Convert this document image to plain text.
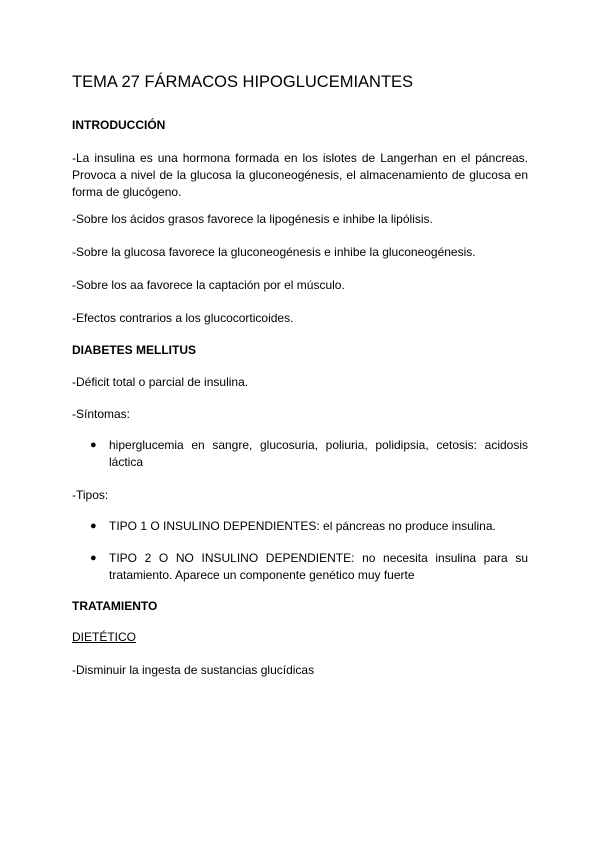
TEMA 27 FÁRMACOS HIPOGLUCEMIANTES
INTRODUCCIÓN

-La insulina es una hormona formada en los islotes de Langerhan en el páncreas. Provoca a nivel de la glucosa la gluconeogénesis, el almacenamiento de glucosa en forma de glucógeno.

-Sobre los ácidos grasos favorece la lipogénesis e inhibe la lipólisis.

-Sobre la glucosa favorece la gluconeogénesis e inhibe la gluconeogénesis.

-Sobre los aa favorece la captación por el músculo.

-Efectos contrarios a los glucocorticoides.

DIABETES MELLITUS

-Déficit total o parcial de insulina.

-Síntomas:

● hiperglucemia en sangre, glucosuria, poliuria, polidipsia, cetosis: acidosis láctica

-Tipos:

● TIPO 1 O INSULINO DEPENDIENTES: el páncreas no produce insulina.
● TIPO 2 O NO INSULINO DEPENDIENTE: no necesita insulina para su tratamiento. Aparece un componente genético muy fuerte
TRATAMIENTO

DIETÉTICO

-Disminuir la ingesta de sustancias glucídicas
